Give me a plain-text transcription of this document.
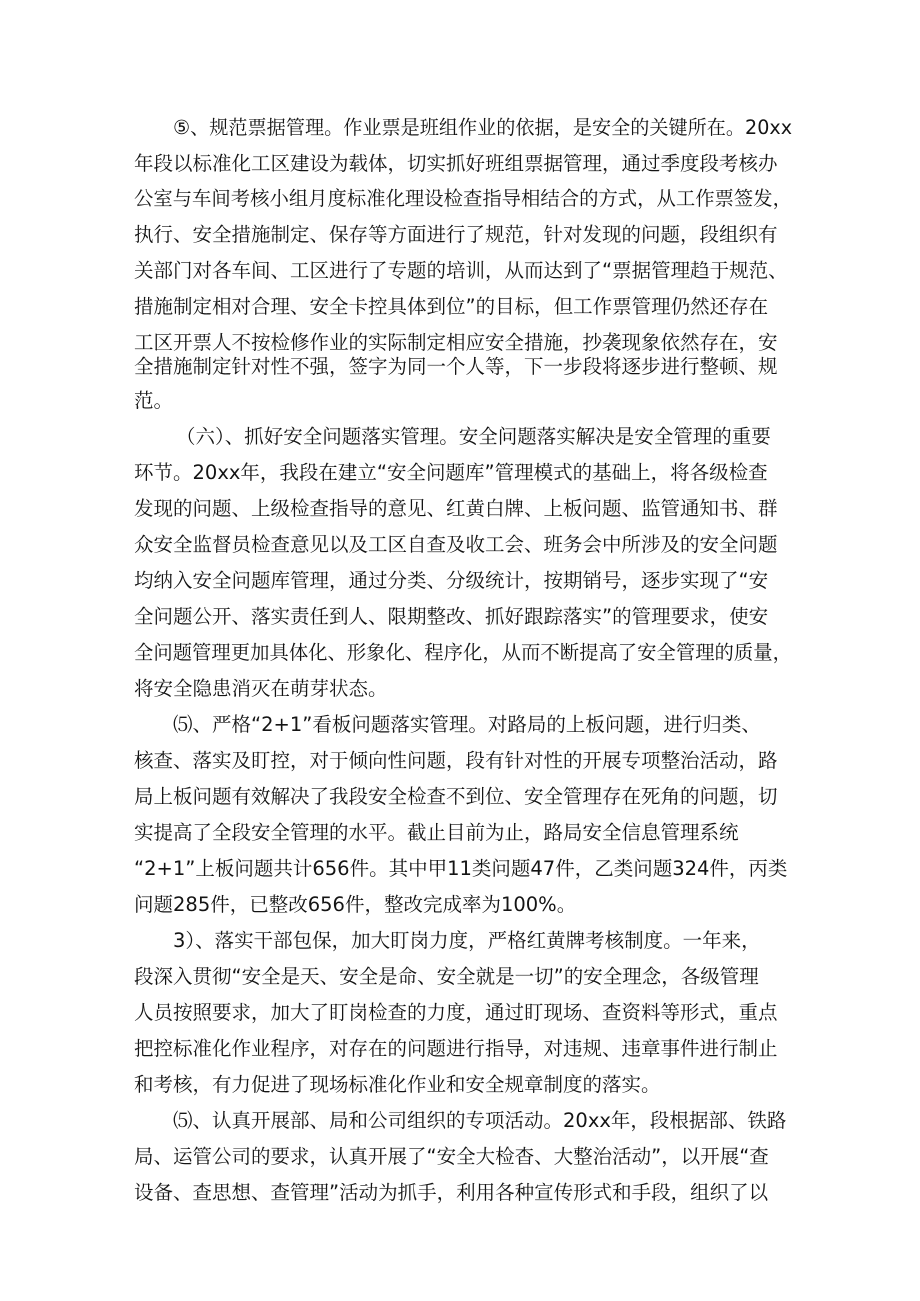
⑤、规范票据管理。作业票是班组作业的依据，是安全的关键所在。20xx
年段以标准化工区建设为载体，切实抓好班组票据管理，通过季度段考核办
公室与车间考核小组月度标准化理设检查指导相结合的方式，从工作票签发，
执行、安全措施制定、保存等方面进行了规范，针对发现的问题，段组织有
关部门对各车间、工区进行了专题的培训，从而达到了“票据管理趋于规范、
措施制定相对合理、安全卡控具体到位”的目标，但工作票管理仍然还存在
工区开票人不按检修作业的实际制定相应安全措施，抄袭现象依然存在，安
全措施制定针对性不强，签字为同一个人等，下一步段将逐步进行整顿、规
范。
（六）、抓好安全问题落实管理。安全问题落实解决是安全管理的重要
环节。20xx年，我段在建立“安全问题库”管理模式的基础上，将各级检查
发现的问题、上级检查指导的意见、红黄白牌、上板问题、监管通知书、群
众安全监督员检查意见以及工区自查及收工会、班务会中所涉及的安全问题
均纳入安全问题库管理，通过分类、分级统计，按期销号，逐步实现了“安
全问题公开、落实责任到人、限期整改、抓好跟踪落实”的管理要求，使安
全问题管理更加具体化、形象化、程序化，从而不断提高了安全管理的质量，
将安全隐患消灭在萌芽状态。
⑸、严格“2+1”看板问题落实管理。对路局的上板问题，进行归类、
核查、落实及盯控，对于倾向性问题，段有针对性的开展专项整治活动，路
局上板问题有效解决了我段安全检查不到位、安全管理存在死角的问题，切
实提高了全段安全管理的水平。截止目前为止，路局安全信息管理系统
“2+1”上板问题共计656件。其中甲11类问题47件，乙类问题324件，丙类
问题285件，已整改656件，整改完成率为100%。
3）、落实干部包保，加大盯岗力度，严格红黄牌考核制度。一年来，
段深入贯彻“安全是天、安全是命、安全就是一切”的安全理念，各级管理
人员按照要求，加大了盯岗检查的力度，通过盯现场、查资料等形式，重点
把控标准化作业程序，对存在的问题进行指导，对违规、违章事件进行制止
和考核，有力促进了现场标准化作业和安全规章制度的落实。
⑸、认真开展部、局和公司组织的专项活动。20xx年，段根据部、铁路
局、运管公司的要求，认真开展了“安全大检杳、大整治活动”，以开展“查
设备、查思想、查管理”活动为抓手，利用各种宣传形式和手段，组织了以
